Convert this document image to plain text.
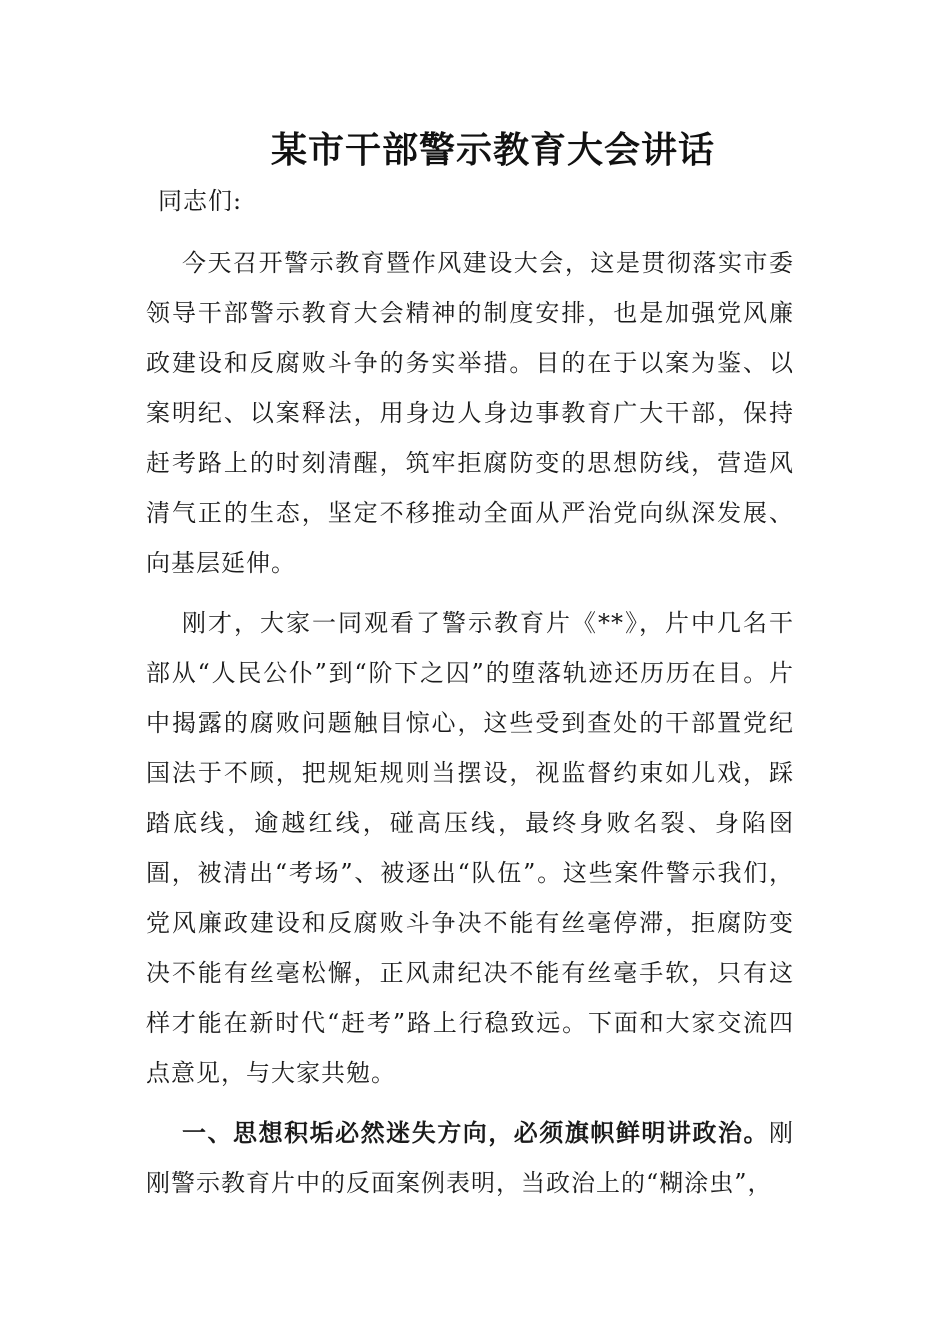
某市干部警示教育大会讲话

同志们:

今天召开警示教育暨作风建设大会，这是贯彻落实市委领导干部警示教育大会精神的制度安排，也是加强党风廉政建设和反腐败斗争的务实举措。目的在于以案为鉴、以案明纪、以案释法，用身边人身边事教育广大干部，保持赶考路上的时刻清醒，筑牢拒腐防变的思想防线，营造风清气正的生态，坚定不移推动全面从严治党向纵深发展、向基层延伸。

刚才，大家一同观看了警示教育片《**》，片中几名干部从“人民公仆”到“阶下之囚”的堕落轨迹还历历在目。片中揭露的腐败问题触目惊心，这些受到查处的干部置党纪国法于不顾，把规矩规则当摆设，视监督约束如儿戏，踩踏底线，逾越红线，碰高压线，最终身败名裂、身陷囹圄，被清出“考场”、被逐出“队伍”。这些案件警示我们，党风廉政建设和反腐败斗争决不能有丝毫停滞，拒腐防变决不能有丝毫松懈，正风肃纪决不能有丝毫手软，只有这样才能在新时代“赶考”路上行稳致远。下面和大家交流四点意见，与大家共勉。

一、思想积垢必然迷失方向，必须旗帜鲜明讲政治。刚刚警示教育片中的反面案例表明，当政治上的“糊涂虫”，
